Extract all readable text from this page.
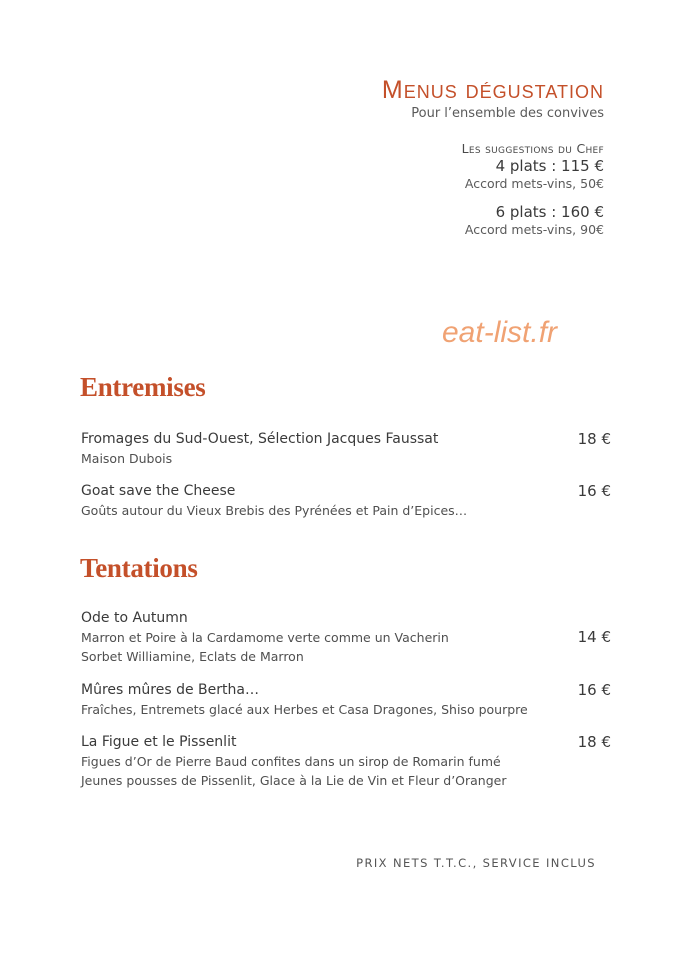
Menus dégustation
Pour l’ensemble des convives
Les suggestions du Chef
4 plats : 115 €
Accord mets-vins, 50€
6 plats : 160 €
Accord mets-vins, 90€
eat-list.fr
Entremises
18 €
Fromages du Sud-Ouest, Sélection Jacques Faussat
Maison Dubois
16 €
Goat save the Cheese
Goûts autour du Vieux Brebis des Pyrénées et Pain d’Epices…
Tentations
14 €
Ode to Autumn
Marron et Poire à la Cardamome verte comme un Vacherin
Sorbet Williamine, Eclats de Marron
16 €
Mûres mûres de Bertha…
Fraîches, Entremets glacé aux Herbes et Casa Dragones, Shiso pourpre
18 €
La Figue et le Pissenlit
Figues d’Or de Pierre Baud confites dans un sirop de Romarin fumé
Jeunes pousses de Pissenlit, Glace à la Lie de Vin et Fleur d’Oranger
PRIX NETS T.T.C., SERVICE INCLUS
